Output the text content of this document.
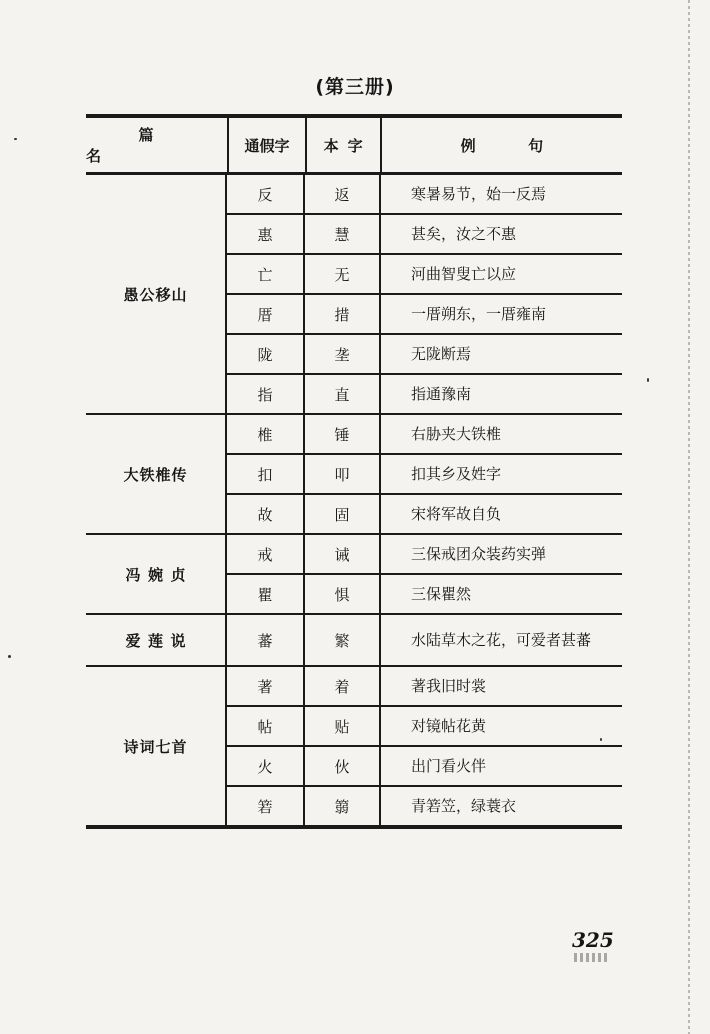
(第三册)
篇名
通假字	本字	例句
愚公移山
反	返	寒暑易节，始一反焉
惠	慧	甚矣，汝之不惠
亡	无	河曲智叟亡以应
厝	措	一厝朔东，一厝雍南
陇	垄	无陇断焉
指	直	指通豫南
大铁椎传
椎	锤	右胁夹大铁椎
扣	叩	扣其乡及姓字
故	固	宋将军故自负
冯婉贞
戒	诫	三保戒团众装药实弹
瞿	惧	三保瞿然
爱莲说	蕃	繁	水陆草木之花，可爱者甚蕃
诗词七首
著	着	著我旧时裳
帖	贴	对镜帖花黄
火	伙	出门看火伴
箬	篛	青箬笠，绿蓑衣
325
